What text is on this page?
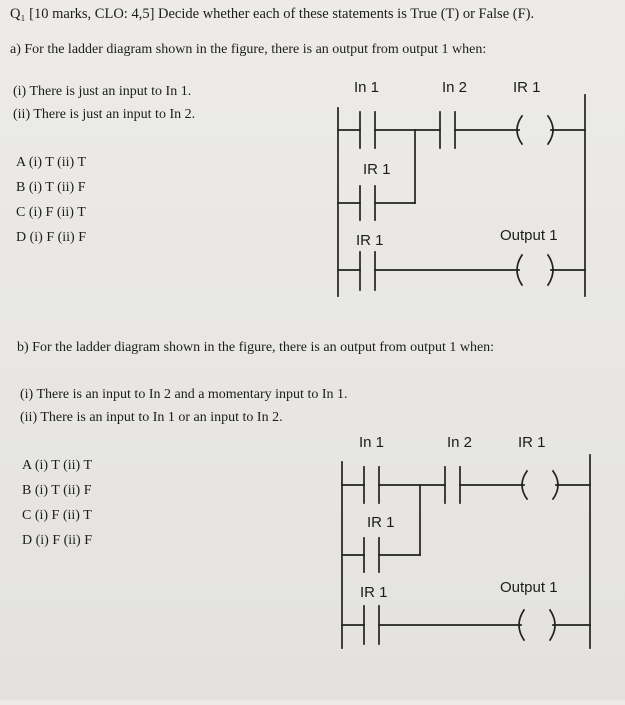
Q₁ [10 marks, CLO: 4,5] Decide whether each of these statements is True (T) or False (F).
a) For the ladder diagram shown in the figure, there is an output from output 1 when:
(i) There is just an input to In 1.
(ii) There is just an input to In 2.
A (i) T (ii) T
B (i) T (ii) F
C (i) F (ii) T
D (i) F (ii) F
In 1	In 2	IR 1
IR 1
IR 1	Output 1
b) For the ladder diagram shown in the figure, there is an output from output 1 when:
(i) There is an input to In 2 and a momentary input to In 1.
(ii) There is an input to In 1 or an input to In 2.
A (i) T (ii) T
B (i) T (ii) F
C (i) F (ii) T
D (i) F (ii) F
In 1	In 2	IR 1
IR 1
IR 1	Output 1
